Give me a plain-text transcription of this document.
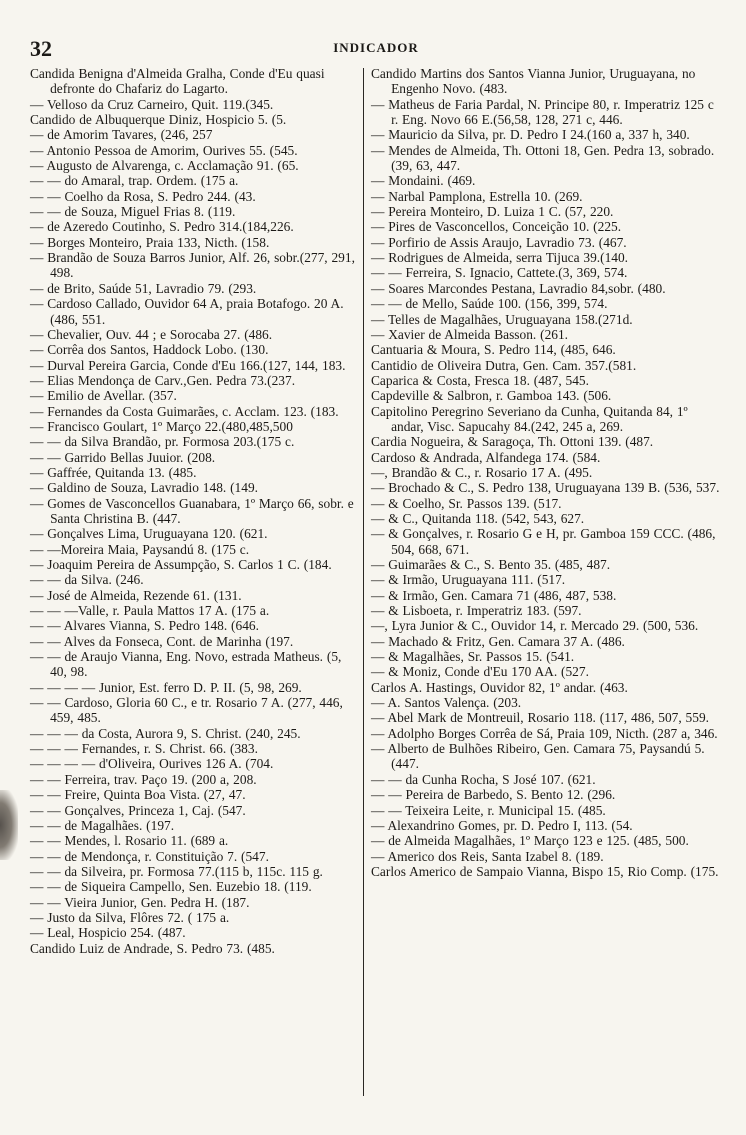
32	INDICADOR
Candida Benigna d'Almeida Gralha, Conde d'Eu quasi defronte do Chafariz do Lagarto.
— Velloso da Cruz Carneiro, Quit. 119.(345.
Candido de Albuquerque Diniz, Hospicio 5. (5.
— de Amorim Tavares, (246, 257
— Antonio Pessoa de Amorim, Ourives 55. (545.
— Augusto de Alvarenga, c. Acclamação 91. (65.
— — do Amaral, trap. Ordem. (175 a.
— — Coelho da Rosa, S. Pedro 244. (43.
— — de Souza, Miguel Frias 8. (119.
— de Azeredo Coutinho, S. Pedro 314.(184,226.
— Borges Monteiro, Praia 133, Nicth. (158.
— Brandão de Souza Barros Junior, Alf. 26, sobr.(277, 291, 498.
— de Brito, Saúde 51, Lavradio 79. (293.
— Cardoso Callado, Ouvidor 64 A, praia Botafogo. 20 A. (486, 551.
— Chevalier, Ouv. 44 ; e Sorocaba 27. (486.
— Corrêa dos Santos, Haddock Lobo. (130.
— Durval Pereira Garcia, Conde d'Eu 166.(127, 144, 183.
— Elias Mendonça de Carv.,Gen. Pedra 73.(237.
— Emilio de Avellar. (357.
— Fernandes da Costa Guimarães, c. Acclam. 123. (183.
— Francisco Goulart, 1º Março 22.(480,485,500
— — da Silva Brandão, pr. Formosa 203.(175 c.
— — Garrido Bellas Juuior. (208.
— Gaffrée, Quitanda 13. (485.
— Galdino de Souza, Lavradio 148. (149.
— Gomes de Vasconcellos Guanabara, 1º Março 66, sobr. e Santa Christina B. (447.
— Gonçalves Lima, Uruguayana 120. (621.
— —Moreira Maia, Paysandú 8. (175 c.
— Joaquim Pereira de Assumpção, S. Carlos 1 C. (184.
— — da Silva. (246.
— José de Almeida, Rezende 61. (131.
— — —Valle, r. Paula Mattos 17 A. (175 a.
— — Alvares Vianna, S. Pedro 148. (646.
— — Alves da Fonseca, Cont. de Marinha (197.
— — de Araujo Vianna, Eng. Novo, estrada Matheus. (5, 40, 98.
— — — — Junior, Est. ferro D. P. II. (5, 98, 269.
— — Cardoso, Gloria 60 C., e tr. Rosario 7 A. (277, 446, 459, 485.
— — — da Costa, Aurora 9, S. Christ. (240, 245.
— — — Fernandes, r. S. Christ. 66. (383.
— — — — d'Oliveira, Ourives 126 A. (704.
— — Ferreira, trav. Paço 19. (200 a, 208.
— — Freire, Quinta Boa Vista. (27, 47.
— — Gonçalves, Princeza 1, Caj. (547.
— — de Magalhães. (197.
— — Mendes, l. Rosario 11. (689 a.
— — de Mendonça, r. Constituição 7. (547.
— — da Silveira, pr. Formosa 77.(115 b, 115c. 115 g.
— — de Siqueira Campello, Sen. Euzebio 18. (119.
— — Vieira Junior, Gen. Pedra H. (187.
— Justo da Silva, Flôres 72. ( 175 a.
— Leal, Hospicio 254. (487.
Candido Luiz de Andrade, S. Pedro 73. (485.
Candido Martins dos Santos Vianna Junior, Uruguayana, no Engenho Novo. (483.
— Matheus de Faria Pardal, N. Principe 80, r. Imperatriz 125 c r. Eng. Novo 66 E.(56,58, 128, 271 c, 446.
— Mauricio da Silva, pr. D. Pedro I 24.(160 a, 337 h, 340.
— Mendes de Almeida, Th. Ottoni 18, Gen. Pedra 13, sobrado. (39, 63, 447.
— Mondaini. (469.
— Narbal Pamplona, Estrella 10. (269.
— Pereira Monteiro, D. Luiza 1 C. (57, 220.
— Pires de Vasconcellos, Conceição 10. (225.
— Porfirio de Assis Araujo, Lavradio 73. (467.
— Rodrigues de Almeida, serra Tijuca 39.(140.
— — Ferreira, S. Ignacio, Cattete.(3, 369, 574.
— Soares Marcondes Pestana, Lavradio 84,sobr. (480.
— — de Mello, Saúde 100. (156, 399, 574.
— Telles de Magalhães, Uruguayana 158.(271d.
— Xavier de Almeida Basson. (261.
Cantuaria & Moura, S. Pedro 114, (485, 646.
Cantidio de Oliveira Dutra, Gen. Cam. 357.(581.
Caparica & Costa, Fresca 18. (487, 545.
Capdeville & Salbron, r. Gamboa 143. (506.
Capitolino Peregrino Severiano da Cunha, Quitanda 84, 1º andar, Visc. Sapucahy 84.(242, 245 a, 269.
Cardia Nogueira, & Saragoça, Th. Ottoni 139. (487.
Cardoso & Andrada, Alfandega 174. (584.
—, Brandão & C., r. Rosario 17 A. (495.
— Brochado & C., S. Pedro 138, Uruguayana 139 B. (536, 537.
— & Coelho, Sr. Passos 139. (517.
— & C., Quitanda 118. (542, 543, 627.
— & Gonçalves, r. Rosario G e H, pr. Gamboa 159 CCC. (486, 504, 668, 671.
— Guimarães & C., S. Bento 35. (485, 487.
— & Irmão, Uruguayana 111. (517.
— & Irmão, Gen. Camara 71 (486, 487, 538.
— & Lisboeta, r. Imperatriz 183. (597.
—, Lyra Junior & C., Ouvidor 14, r. Mercado 29. (500, 536.
— Machado & Fritz, Gen. Camara 37 A. (486.
— & Magalhães, Sr. Passos 15. (541.
— & Moniz, Conde d'Eu 170 AA. (527.
Carlos A. Hastings, Ouvidor 82, 1º andar. (463.
— A. Santos Valença. (203.
— Abel Mark de Montreuil, Rosario 118. (117, 486, 507, 559.
— Adolpho Borges Corrêa de Sá, Praia 109, Nicth. (287 a, 346.
— Alberto de Bulhões Ribeiro, Gen. Camara 75, Paysandú 5. (447.
— — da Cunha Rocha, S José 107. (621.
— — Pereira de Barbedo, S. Bento 12. (296.
— — Teixeira Leite, r. Municipal 15. (485.
— Alexandrino Gomes, pr. D. Pedro I, 113. (54.
— de Almeida Magalhães, 1º Março 123 e 125. (485, 500.
— Americo dos Reis, Santa Izabel 8. (189.
Carlos Americo de Sampaio Vianna, Bispo 15, Rio Comp. (175.
